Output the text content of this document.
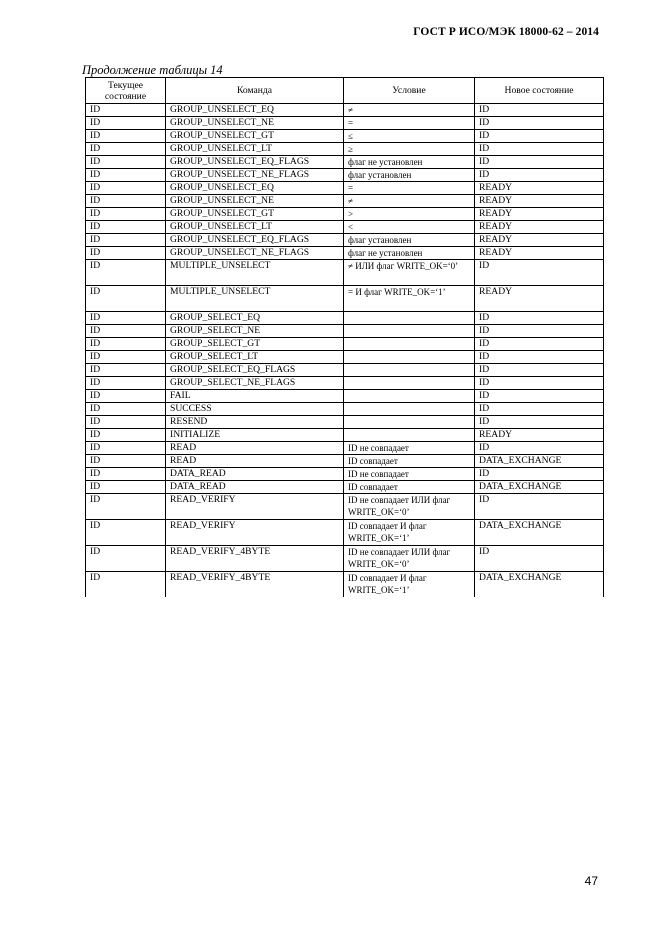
ГОСТ Р ИСО/МЭК 18000-62 – 2014
Продолжение таблицы 14
Текущее состояние	Команда	Условие	Новое состояние
ID	GROUP_UNSELECT_EQ	≠	ID
ID	GROUP_UNSELECT_NE	=	ID
ID	GROUP_UNSELECT_GT	≤	ID
ID	GROUP_UNSELECT_LT	≥	ID
ID	GROUP_UNSELECT_EQ_FLAGS	флаг не установлен	ID
ID	GROUP_UNSELECT_NE_FLAGS	флаг установлен	ID
ID	GROUP_UNSELECT_EQ	=	READY
ID	GROUP_UNSELECT_NE	≠	READY
ID	GROUP_UNSELECT_GT	>	READY
ID	GROUP_UNSELECT_LT	<	READY
ID	GROUP_UNSELECT_EQ_FLAGS	флаг установлен	READY
ID	GROUP_UNSELECT_NE_FLAGS	флаг не установлен	READY
ID	MULTIPLE_UNSELECT	≠ ИЛИ флаг WRITE_OK=‘0’	ID
ID	MULTIPLE_UNSELECT	= И флаг WRITE_OK=‘1’	READY
ID	GROUP_SELECT_EQ		ID
ID	GROUP_SELECT_NE		ID
ID	GROUP_SELECT_GT		ID
ID	GROUP_SELECT_LT		ID
ID	GROUP_SELECT_EQ_FLAGS		ID
ID	GROUP_SELECT_NE_FLAGS		ID
ID	FAIL		ID
ID	SUCCESS		ID
ID	RESEND		ID
ID	INITIALIZE		READY
ID	READ	ID не совпадает	ID
ID	READ	ID совпадает	DATA_EXCHANGE
ID	DATA_READ	ID не совпадает	ID
ID	DATA_READ	ID совпадает	DATA_EXCHANGE
ID	READ_VERIFY	ID не совпадает ИЛИ флаг WRITE_OK=‘0’	ID
ID	READ_VERIFY	ID совпадает И флаг WRITE_OK=‘1’	DATA_EXCHANGE
ID	READ_VERIFY_4BYTE	ID не совпадает ИЛИ флаг WRITE_OK=‘0’	ID
ID	READ_VERIFY_4BYTE	ID совпадает И флаг WRITE_OK=‘1’	DATA_EXCHANGE
47
